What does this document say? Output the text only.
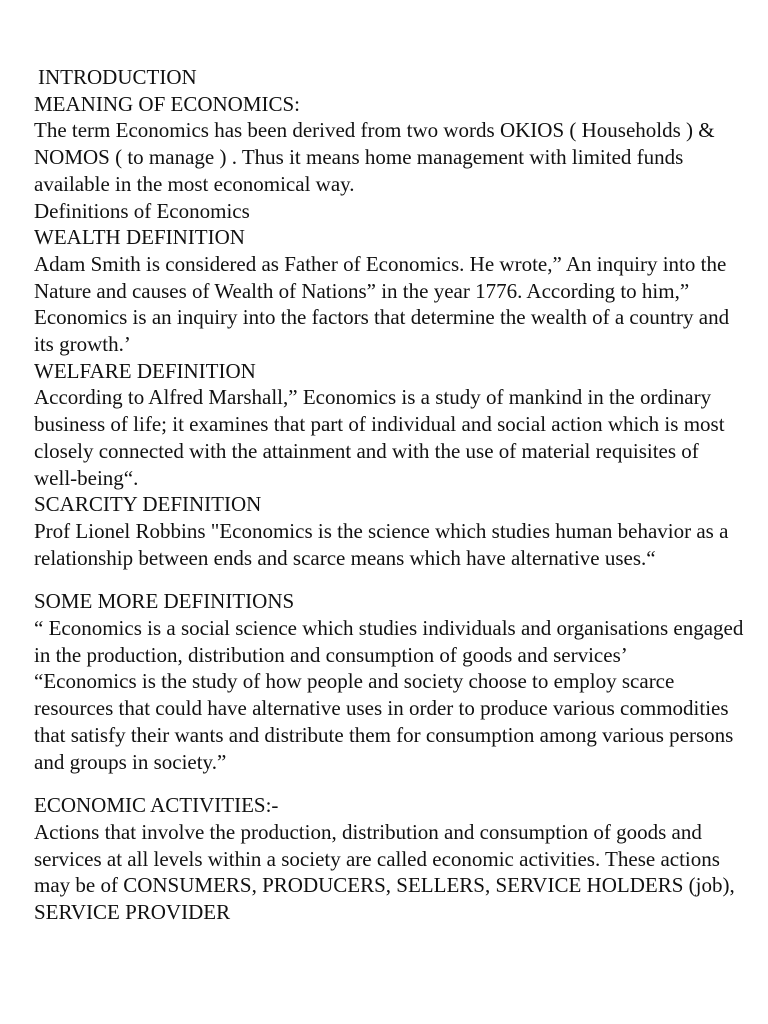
INTRODUCTION

MEANING OF ECONOMICS:

The term Economics has been derived from two words OKIOS ( Households ) & NOMOS ( to manage ) . Thus it means home management with limited funds available in the most economical way.

Definitions of Economics

WEALTH DEFINITION

Adam Smith is considered as Father of Economics. He wrote,” An inquiry into the Nature and causes of Wealth of Nations” in the year 1776. According to him,” Economics is an inquiry into the factors that determine the wealth of a country and its growth.’

WELFARE DEFINITION

According to Alfred Marshall,” Economics is a study of mankind in the ordinary business of life; it examines that part of individual and social action which is most closely connected with the attainment and with the use of material requisites of well-being“.

SCARCITY DEFINITION

Prof Lionel Robbins "Economics is the science which studies human behavior as a relationship between ends and scarce means which have alternative uses.“

SOME MORE DEFINITIONS

“ Economics is a social science which studies individuals and organisations engaged in the production, distribution and consumption of goods and services’

“Economics is the study of how people and society choose to employ scarce resources that could have alternative uses in order to produce various commodities that satisfy their wants and distribute them for consumption among various persons and groups in society.”

ECONOMIC ACTIVITIES:-

Actions that involve the production, distribution and consumption of goods and services at all levels within a society are called economic activities. These actions may be of CONSUMERS, PRODUCERS, SELLERS, SERVICE HOLDERS (job), SERVICE PROVIDER
